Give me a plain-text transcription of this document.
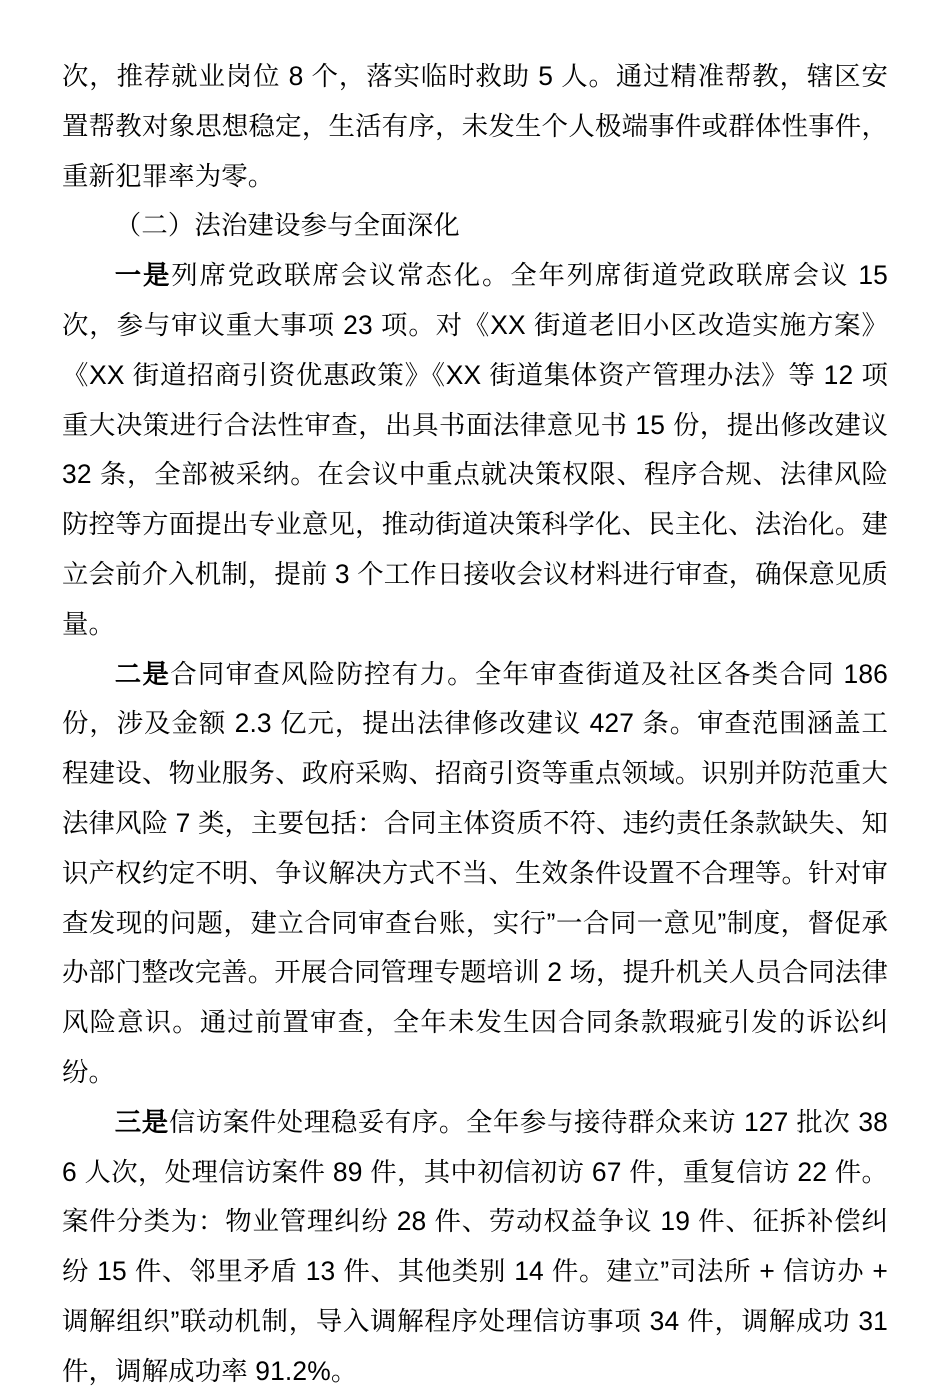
次，推荐就业岗位 8 个，落实临时救助 5 人。通过精准帮教，辖区安置帮教对象思想稳定，生活有序，未发生个人极端事件或群体性事件，重新犯罪率为零。

（二）法治建设参与全面深化

一是列席党政联席会议常态化。全年列席街道党政联席会议 15 次，参与审议重大事项 23 项。对《XX 街道老旧小区改造实施方案》《XX 街道招商引资优惠政策》《XX 街道集体资产管理办法》等 12 项重大决策进行合法性审查，出具书面法律意见书 15 份，提出修改建议 32 条，全部被采纳。在会议中重点就决策权限、程序合规、法律风险防控等方面提出专业意见，推动街道决策科学化、民主化、法治化。建立会前介入机制，提前 3 个工作日接收会议材料进行审查，确保意见质量。

二是合同审查风险防控有力。全年审查街道及社区各类合同 186 份，涉及金额 2.3 亿元，提出法律修改建议 427 条。审查范围涵盖工程建设、物业服务、政府采购、招商引资等重点领域。识别并防范重大法律风险 7 类，主要包括：合同主体资质不符、违约责任条款缺失、知识产权约定不明、争议解决方式不当、生效条件设置不合理等。针对审查发现的问题，建立合同审查台账，实行”一合同一意见”制度，督促承办部门整改完善。开展合同管理专题培训 2 场，提升机关人员合同法律风险意识。通过前置审查，全年未发生因合同条款瑕疵引发的诉讼纠纷。

三是信访案件处理稳妥有序。全年参与接待群众来访 127 批次 386 人次，处理信访案件 89 件，其中初信初访 67 件，重复信访 22 件。案件分类为：物业管理纠纷 28 件、劳动权益争议 19 件、征拆补偿纠纷 15 件、邻里矛盾 13 件、其他类别 14 件。建立”司法所 + 信访办 + 调解组织”联动机制，导入调解程序处理信访事项 34 件，调解成功 31 件，调解成功率 91.2%。
